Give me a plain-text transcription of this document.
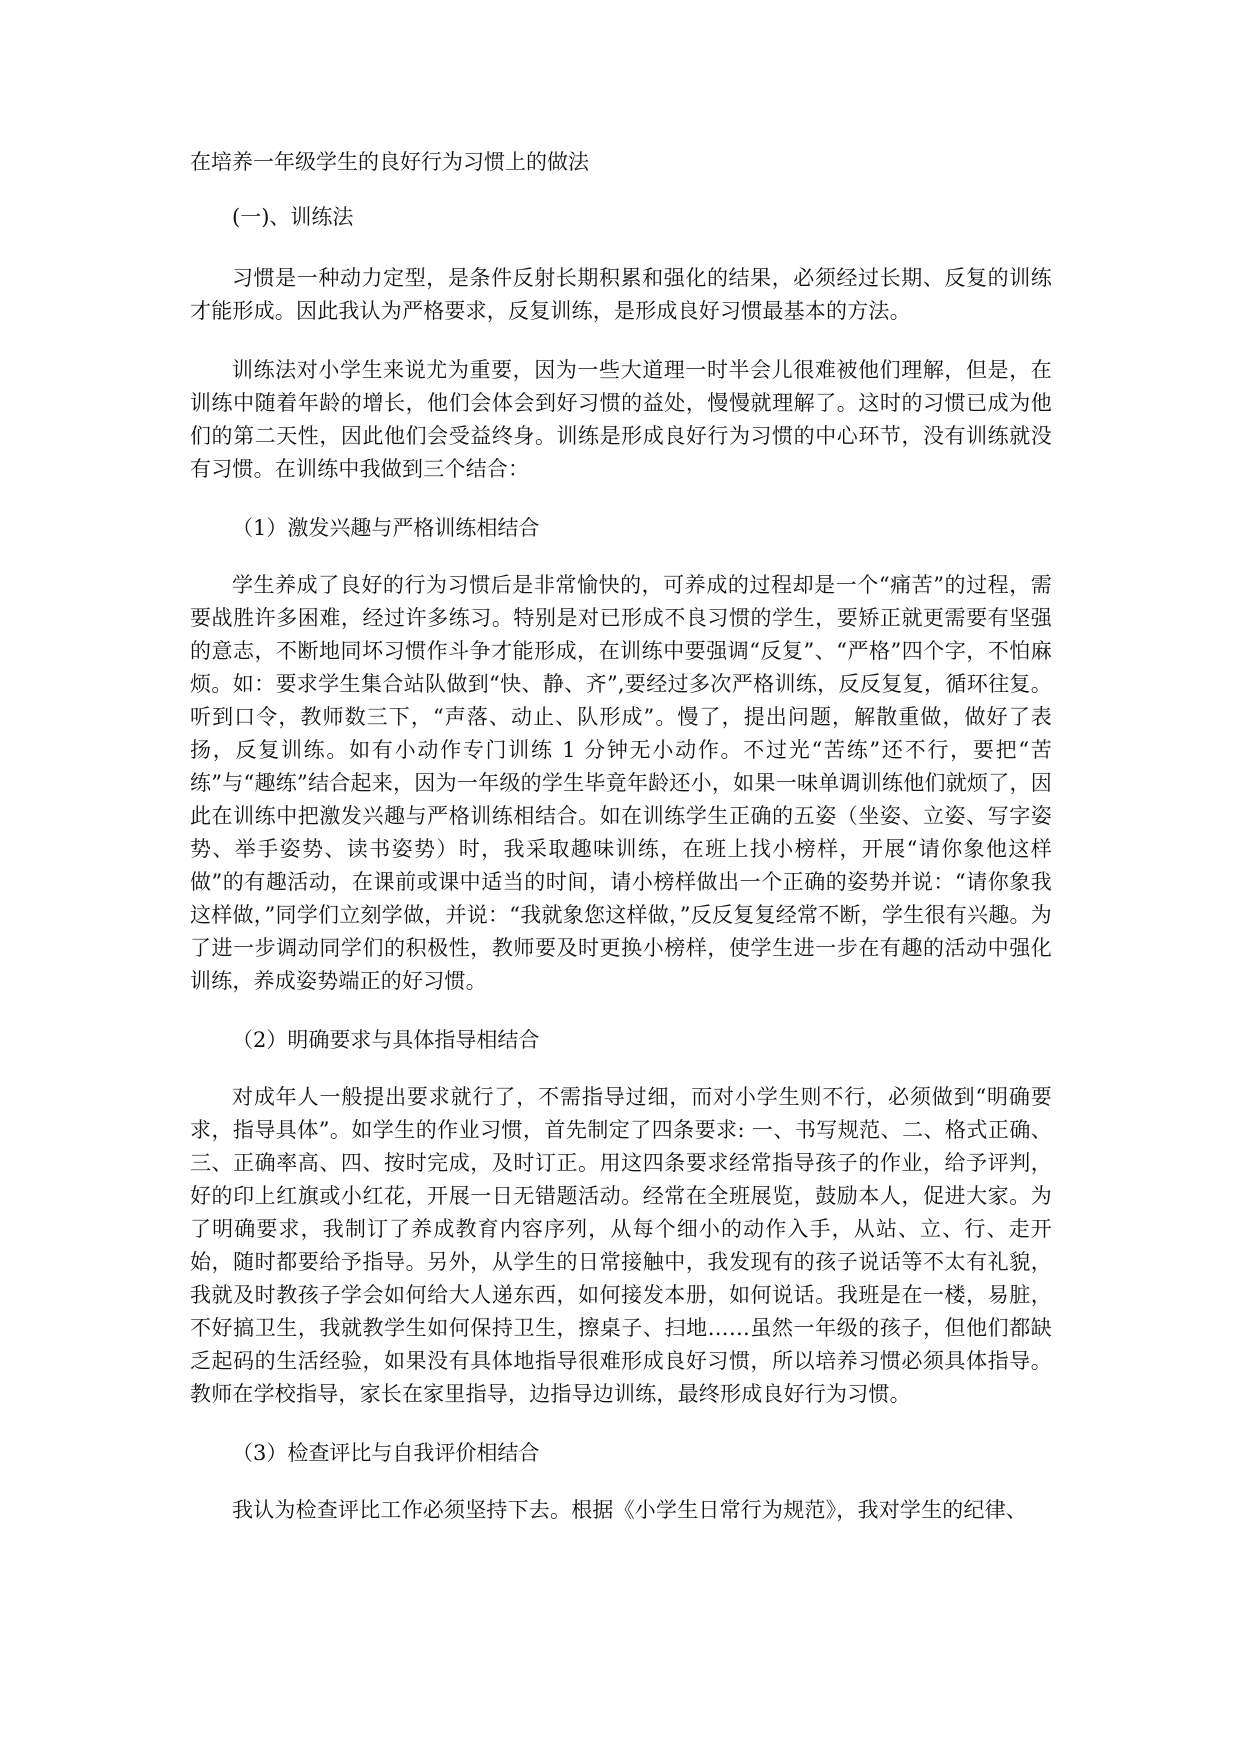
在培养一年级学生的良好行为习惯上的做法

(一)、训练法

习惯是一种动力定型，是条件反射长期积累和强化的结果，必须经过长期、反复的训练才能形成。因此我认为严格要求，反复训练，是形成良好习惯最基本的方法。

训练法对小学生来说尤为重要，因为一些大道理一时半会儿很难被他们理解，但是，在训练中随着年龄的增长，他们会体会到好习惯的益处，慢慢就理解了。这时的习惯已成为他们的第二天性，因此他们会受益终身。训练是形成良好行为习惯的中心环节，没有训练就没有习惯。在训练中我做到三个结合：

（1）激发兴趣与严格训练相结合

学生养成了良好的行为习惯后是非常愉快的，可养成的过程却是一个“痛苦”的过程，需要战胜许多困难，经过许多练习。特别是对已形成不良习惯的学生，要矫正就更需要有坚强的意志，不断地同坏习惯作斗争才能形成，在训练中要强调“反复”、“严格”四个字，不怕麻烦。如：要求学生集合站队做到“快、静、齐”,要经过多次严格训练，反反复复，循环往复。听到口令，教师数三下，“声落、动止、队形成”。慢了，提出问题，解散重做，做好了表扬，反复训练。如有小动作专门训练 1 分钟无小动作。不过光“苦练”还不行，要把“苦练”与“趣练”结合起来，因为一年级的学生毕竟年龄还小，如果一味单调训练他们就烦了，因此在训练中把激发兴趣与严格训练相结合。如在训练学生正确的五姿（坐姿、立姿、写字姿势、举手姿势、读书姿势）时，我采取趣味训练，在班上找小榜样，开展“请你象他这样做”的有趣活动，在课前或课中适当的时间，请小榜样做出一个正确的姿势并说：“请你象我这样做，”同学们立刻学做，并说：“我就象您这样做，”反反复复经常不断，学生很有兴趣。为了进一步调动同学们的积极性，教师要及时更换小榜样，使学生进一步在有趣的活动中强化训练，养成姿势端正的好习惯。

（2）明确要求与具体指导相结合

对成年人一般提出要求就行了，不需指导过细，而对小学生则不行，必须做到“明确要求，指导具体”。如学生的作业习惯，首先制定了四条要求: 一、书写规范、二、格式正确、三、正确率高、四、按时完成，及时订正。用这四条要求经常指导孩子的作业，给予评判，好的印上红旗或小红花，开展一日无错题活动。经常在全班展览，鼓励本人，促进大家。为了明确要求，我制订了养成教育内容序列，从每个细小的动作入手，从站、立、行、走开始，随时都要给予指导。另外，从学生的日常接触中，我发现有的孩子说话等不太有礼貌，我就及时教孩子学会如何给大人递东西，如何接发本册，如何说话。我班是在一楼，易脏，不好搞卫生，我就教学生如何保持卫生，擦桌子、扫地……虽然一年级的孩子，但他们都缺乏起码的生活经验，如果没有具体地指导很难形成良好习惯，所以培养习惯必须具体指导。教师在学校指导，家长在家里指导，边指导边训练，最终形成良好行为习惯。

（3）检查评比与自我评价相结合

我认为检查评比工作必须坚持下去。根据《小学生日常行为规范》，我对学生的纪律、
